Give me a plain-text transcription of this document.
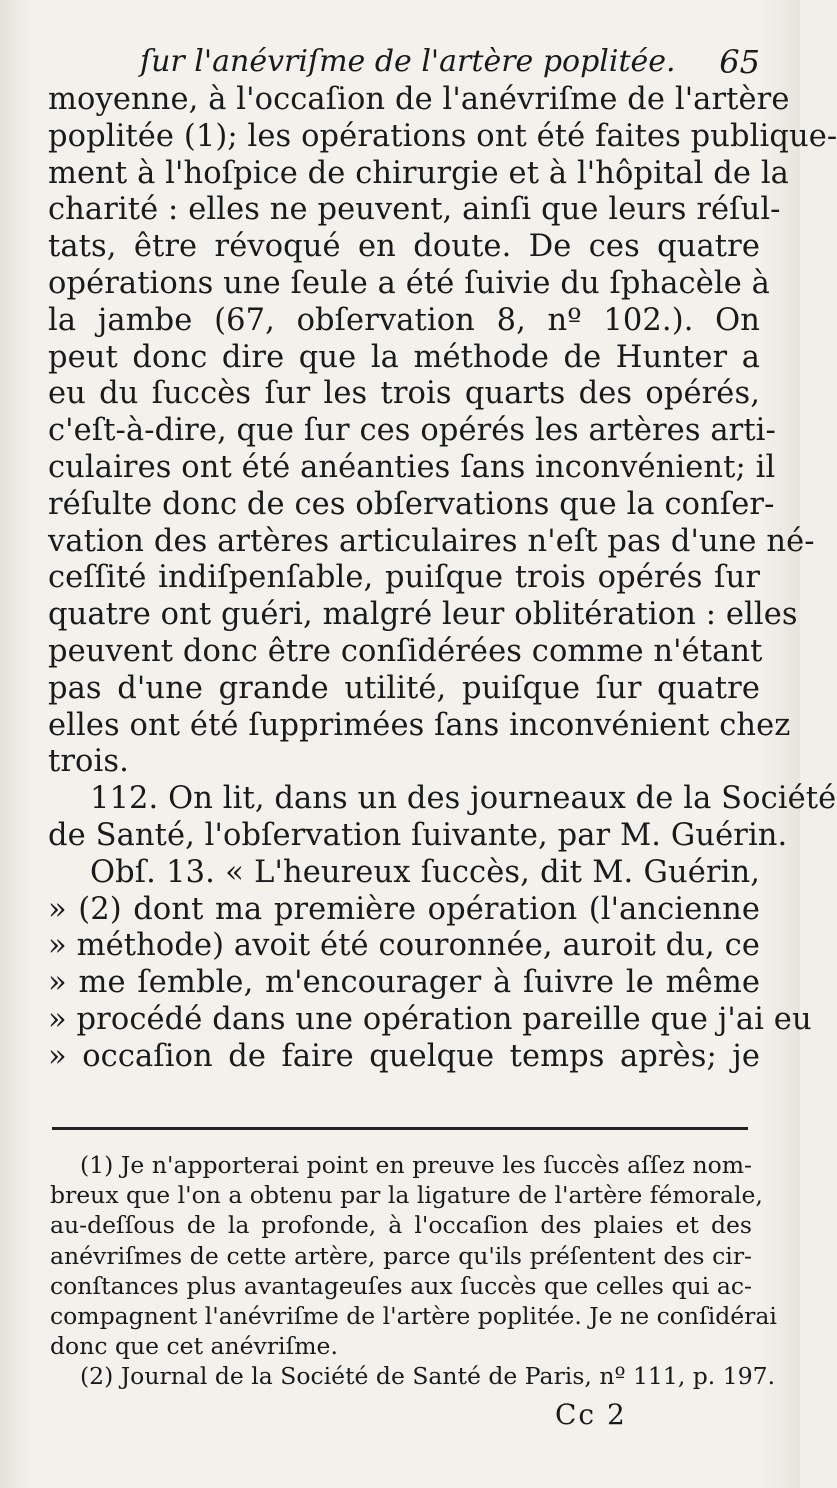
ſur l'anévriſme de l'artère poplitée. 65
moyenne, à l'occaſion de l'anévriſme de l'artère
poplitée (1); les opérations ont été faites publique-
ment à l'hoſpice de chirurgie et à l'hôpital de la
charité : elles ne peuvent, ainſi que leurs réſul-
tats, être révoqué en doute. De ces quatre
opérations une ſeule a été ſuivie du ſphacèle à
la jambe (67, obſervation 8, nº 102.). On
peut donc dire que la méthode de Hunter a
eu du ſuccès ſur les trois quarts des opérés,
c'eſt-à-dire, que ſur ces opérés les artères arti-
culaires ont été anéanties ſans inconvénient; il
réſulte donc de ces obſervations que la conſer-
vation des artères articulaires n'eſt pas d'une né-
ceſſité indiſpenſable, puiſque trois opérés ſur
quatre ont guéri, malgré leur oblitération : elles
peuvent donc être conſidérées comme n'étant
pas d'une grande utilité, puiſque ſur quatre
elles ont été ſupprimées ſans inconvénient chez
trois.
112. On lit, dans un des journeaux de la Société
de Santé, l'obſervation ſuivante, par M. Guérin.
Obſ. 13. « L'heureux ſuccès, dit M. Guérin,
» (2) dont ma première opération (l'ancienne
» méthode) avoit été couronnée, auroit du, ce
» me ſemble, m'encourager à ſuivre le même
» procédé dans une opération pareille que j'ai eu
» occaſion de faire quelque temps après; je
(1) Je n'apporterai point en preuve les ſuccès aſſez nom-
breux que l'on a obtenu par la ligature de l'artère fémorale,
au-deſſous de la profonde, à l'occaſion des plaies et des
anévriſmes de cette artère, parce qu'ils préſentent des cir-
conſtances plus avantageuſes aux ſuccès que celles qui ac-
compagnent l'anévriſme de l'artère poplitée. Je ne conſidérai
donc que cet anévriſme.
(2) Journal de la Société de Santé de Paris, nº 111, p. 197.
Cc 2
